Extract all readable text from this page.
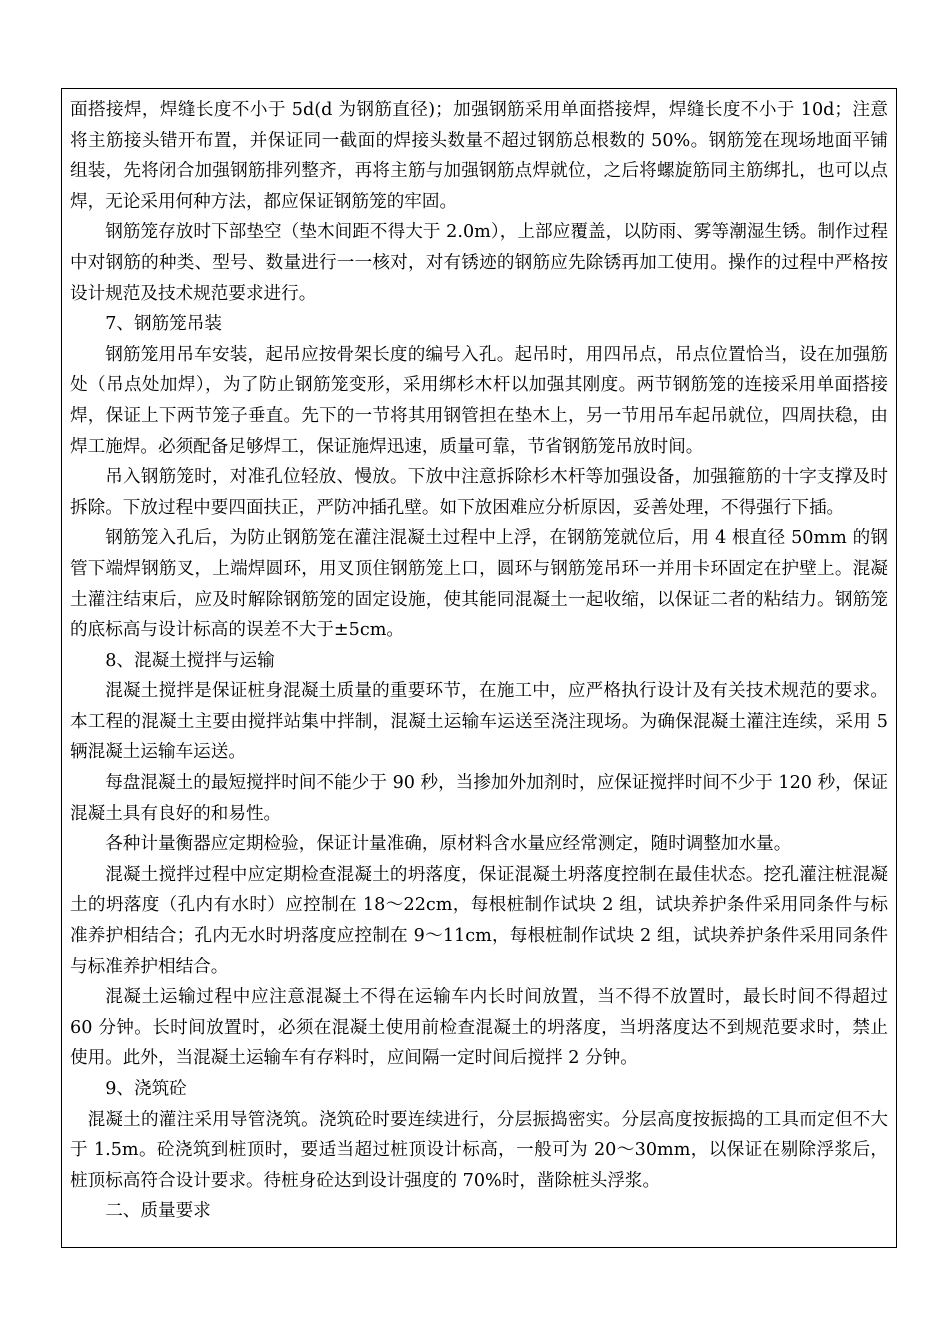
面搭接焊，焊缝长度不小于 5d(d 为钢筋直径)；加强钢筋采用单面搭接焊，焊缝长度不小于 10d；注意将主筋接头错开布置，并保证同一截面的焊接头数量不超过钢筋总根数的 50%。钢筋笼在现场地面平铺组装，先将闭合加强钢筋排列整齐，再将主筋与加强钢筋点焊就位，之后将螺旋筋同主筋绑扎，也可以点焊，无论采用何种方法，都应保证钢筋笼的牢固。

钢筋笼存放时下部垫空（垫木间距不得大于 2.0m），上部应覆盖，以防雨、雾等潮湿生锈。制作过程中对钢筋的种类、型号、数量进行一一核对，对有锈迹的钢筋应先除锈再加工使用。操作的过程中严格按设计规范及技术规范要求进行。

7、钢筋笼吊装

钢筋笼用吊车安装，起吊应按骨架长度的编号入孔。起吊时，用四吊点，吊点位置恰当，设在加强筋处（吊点处加焊），为了防止钢筋笼变形，采用绑杉木杆以加强其刚度。两节钢筋笼的连接采用单面搭接焊，保证上下两节笼子垂直。先下的一节将其用钢管担在垫木上，另一节用吊车起吊就位，四周扶稳，由焊工施焊。必须配备足够焊工，保证施焊迅速，质量可靠，节省钢筋笼吊放时间。

吊入钢筋笼时，对准孔位轻放、慢放。下放中注意拆除杉木杆等加强设备，加强箍筋的十字支撑及时拆除。下放过程中要四面扶正，严防冲插孔壁。如下放困难应分析原因，妥善处理，不得强行下插。

钢筋笼入孔后，为防止钢筋笼在灌注混凝土过程中上浮，在钢筋笼就位后，用 4 根直径 50mm 的钢管下端焊钢筋叉，上端焊圆环，用叉顶住钢筋笼上口，圆环与钢筋笼吊环一并用卡环固定在护壁上。混凝土灌注结束后，应及时解除钢筋笼的固定设施，使其能同混凝土一起收缩，以保证二者的粘结力。钢筋笼的底标高与设计标高的误差不大于±5cm。

8、混凝土搅拌与运输

混凝土搅拌是保证桩身混凝土质量的重要环节，在施工中，应严格执行设计及有关技术规范的要求。本工程的混凝土主要由搅拌站集中拌制，混凝土运输车运送至浇注现场。为确保混凝土灌注连续，采用 5 辆混凝土运输车运送。

每盘混凝土的最短搅拌时间不能少于 90 秒，当掺加外加剂时，应保证搅拌时间不少于 120 秒，保证混凝土具有良好的和易性。

各种计量衡器应定期检验，保证计量准确，原材料含水量应经常测定，随时调整加水量。

混凝土搅拌过程中应定期检查混凝土的坍落度，保证混凝土坍落度控制在最佳状态。挖孔灌注桩混凝土的坍落度（孔内有水时）应控制在 18～22cm，每根桩制作试块 2 组，试块养护条件采用同条件与标准养护相结合；孔内无水时坍落度应控制在 9～11cm，每根桩制作试块 2 组，试块养护条件采用同条件与标准养护相结合。

混凝土运输过程中应注意混凝土不得在运输车内长时间放置，当不得不放置时，最长时间不得超过 60 分钟。长时间放置时，必须在混凝土使用前检查混凝土的坍落度，当坍落度达不到规范要求时，禁止使用。此外，当混凝土运输车有存料时，应间隔一定时间后搅拌 2 分钟。

9、浇筑砼

混凝土的灌注采用导管浇筑。浇筑砼时要连续进行，分层振捣密实。分层高度按振捣的工具而定但不大于 1.5m。砼浇筑到桩顶时，要适当超过桩顶设计标高，一般可为 20～30mm，以保证在剔除浮浆后，桩顶标高符合设计要求。待桩身砼达到设计强度的 70%时，凿除桩头浮浆。

二、质量要求
